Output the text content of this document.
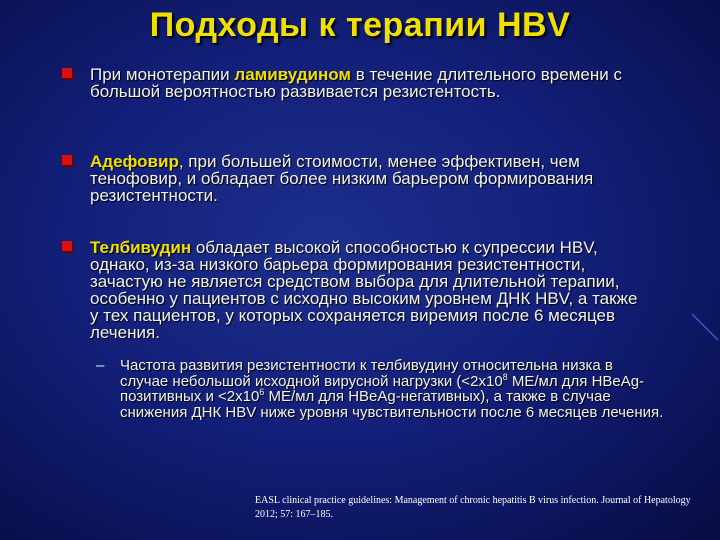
Подходы к терапии HBV
При монотерапии ламивудином в течение длительного времени с большой вероятностью развивается резистентость.
Адефовир, при большей стоимости, менее эффективен, чем тенофовир, и обладает более низким барьером формирования резистентности.
Телбивудин обладает высокой способностью к супрессии HBV, однако, из-за низкого барьера формирования резистентности, зачастую не является средством выбора для длительной терапии, особенно у пациентов с исходно высоким уровнем ДНК HBV, а также у тех пациентов, у которых сохраняется виремия после 6 месяцев лечения.
– Частота развития резистентности к телбивудину относительна низка в случае небольшой исходной вирусной нагрузки ($<2x10^8$ МЕ/мл для HBeAg-позитивных $и <2x10^6$ МЕ/мл для HBeAg-негативных), а также в случае снижения ДНК HBV ниже уровня чувствительности после 6 месяцев лечения.
EASL clinical practice guidelines: Management of chronic hepatitis B virus infection. Journal of Hepatology
2012; 57: 167–185.
